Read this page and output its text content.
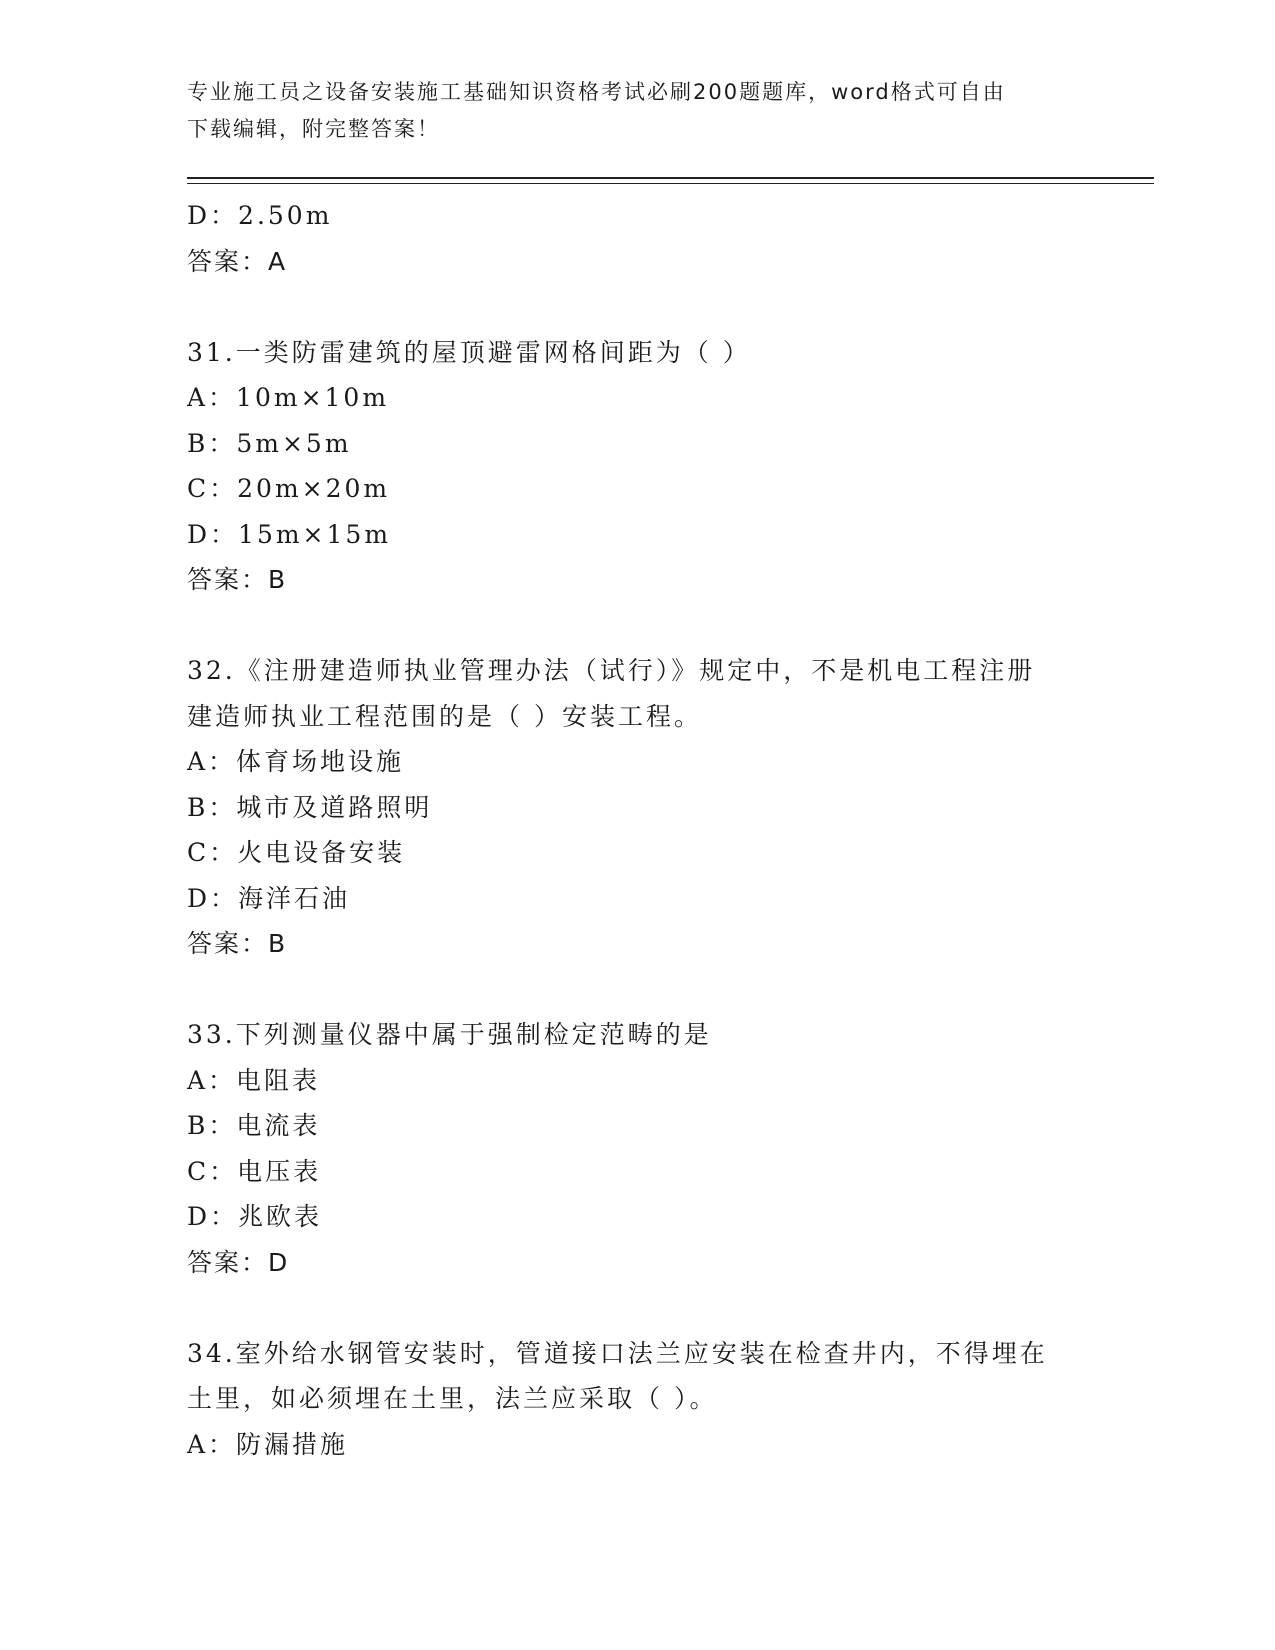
专业施工员之设备安装施工基础知识资格考试必刷200题题库，word格式可自由
下载编辑，附完整答案！
D：2.50m
答案：A
31.一类防雷建筑的屋顶避雷网格间距为（ ）
A：10m×10m
B：5m×5m
C：20m×20m
D：15m×15m
答案：B
32.《注册建造师执业管理办法（试行）》规定中，不是机电工程注册
建造师执业工程范围的是（ ）安装工程。
A：体育场地设施
B：城市及道路照明
C：火电设备安装
D：海洋石油
答案：B
33.下列测量仪器中属于强制检定范畴的是
A：电阻表
B：电流表
C：电压表
D：兆欧表
答案：D
34.室外给水钢管安装时，管道接口法兰应安装在检查井内，不得埋在
土里，如必须埋在土里，法兰应采取（ ）。
A：防漏措施
